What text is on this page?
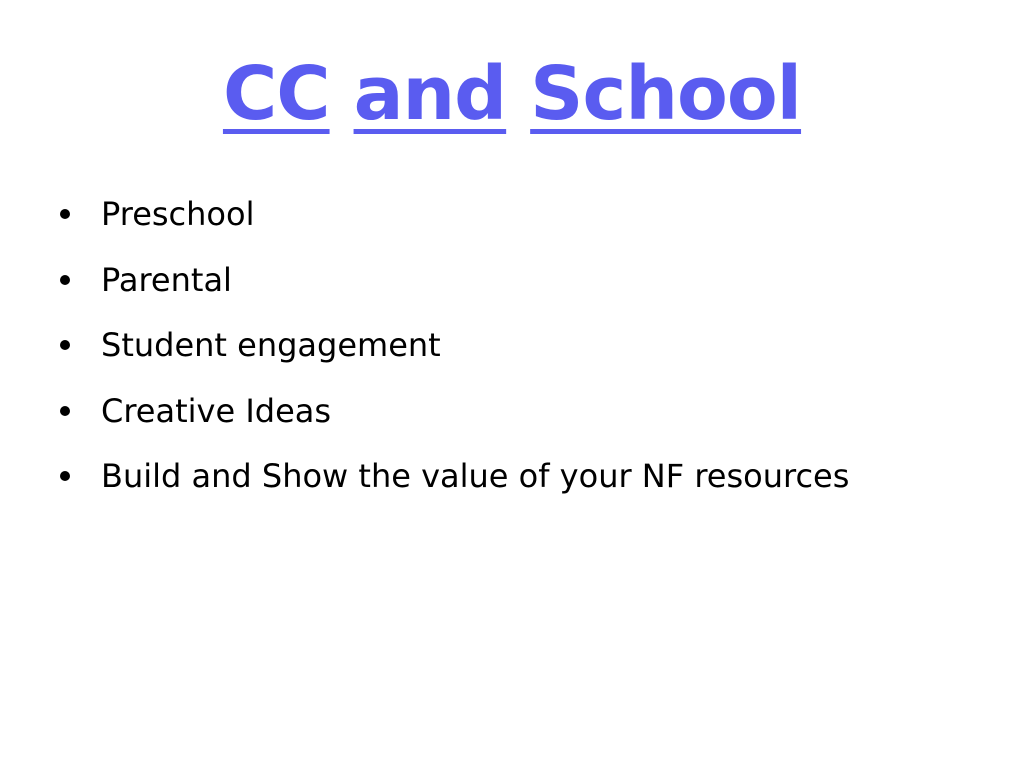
CC and School
Preschool
Parental
Student engagement
Creative Ideas
Build and Show the value of your NF resources
